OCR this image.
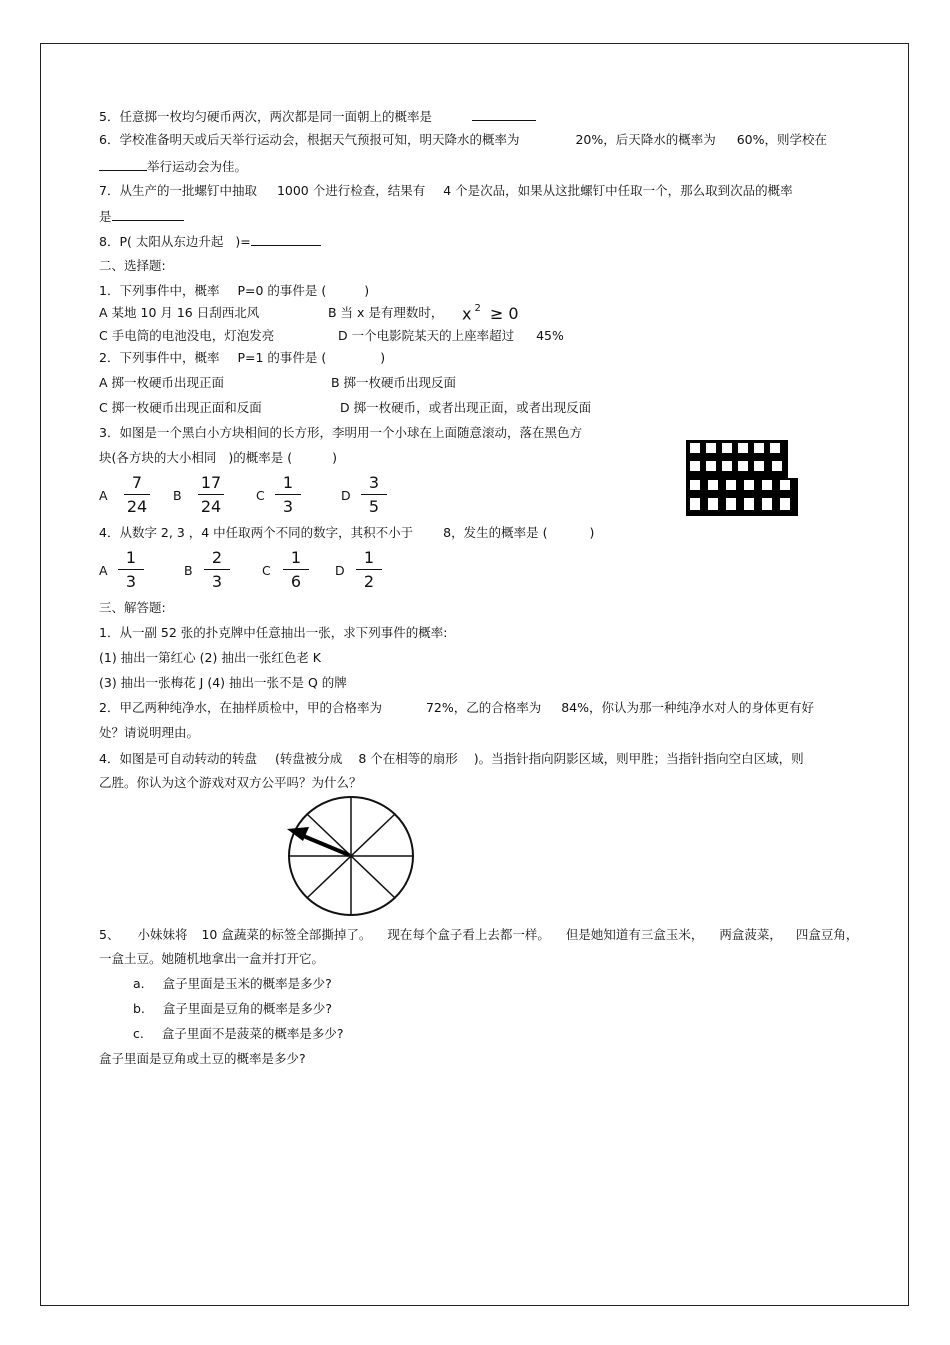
5．任意掷一枚均匀硬币两次，两次都是同一面朝上的概率是
6．学校准备明天或后天举行运动会，根据天气预报可知，明天降水的概率为	20%，后天降水的概率为 60%，则学校在
举行运动会为佳。
7．从生产的一批螺钉中抽取 1000 个进行检查，结果有 4 个是次品，如果从这批螺钉中任取一个，那么取到次品的概率
是
8．P( 太阳从东边升起 )=
二、选择题:
1．下列事件中，概率 P=0 的事件是 (	)
A 某地 10 月 16 日刮西北风	B 当 x 是有理数时， x $^2$ ≥ 0
C 手电筒的电池没电，灯泡发亮	D 一个电影院某天的上座率超过 45%
2．下列事件中，概率 P=1 的事件是 (	)
A 掷一枚硬币出现正面	B 掷一枚硬币出现反面
C 掷一枚硬币出现正面和反面	D 掷一枚硬币，或者出现正面，或者出现反面
3．如图是一个黑白小方块相间的长方形，李明用一个小球在上面随意滚动，落在黑色方
块(各方块的大小相同 )的概率是 (	)
A
7
24
B
17
24
C
1
3
D
3
5
4．从数字 2, 3 ，4 中任取两个不同的数字，其积不小于 8，发生的概率是 (	)
A
1
3
B
2
3
C
1
6
D
1
2
三、解答题:
1．从一副 52 张的扑克牌中任意抽出一张，求下列事件的概率:
(1) 抽出一第红心 (2) 抽出一张红色老 K
(3) 抽出一张梅花 J (4) 抽出一张不是 Q 的牌
2．甲乙两种纯净水，在抽样质检中，甲的合格率为	72%，乙的合格率为 84%，你认为那一种纯净水对人的身体更有好
处？请说明理由。
4．如图是可自动转动的转盘 (转盘被分成 8 个在相等的扇形 )。当指针指向阴影区域，则甲胜；当指针指向空白区域，则
乙胜。你认为这个游戏对双方公平吗？为什么？
5、 小妹妹将 10 盒蔬菜的标签全部撕掉了。 现在每个盒子看上去都一样。 但是她知道有三盒玉米， 两盒菠菜， 四盒豆角，
一盒土豆。她随机地拿出一盒并打开它。
a. 盒子里面是玉米的概率是多少?
b. 盒子里面是豆角的概率是多少?
c. 盒子里面不是菠菜的概率是多少?
盒子里面是豆角或土豆的概率是多少?
